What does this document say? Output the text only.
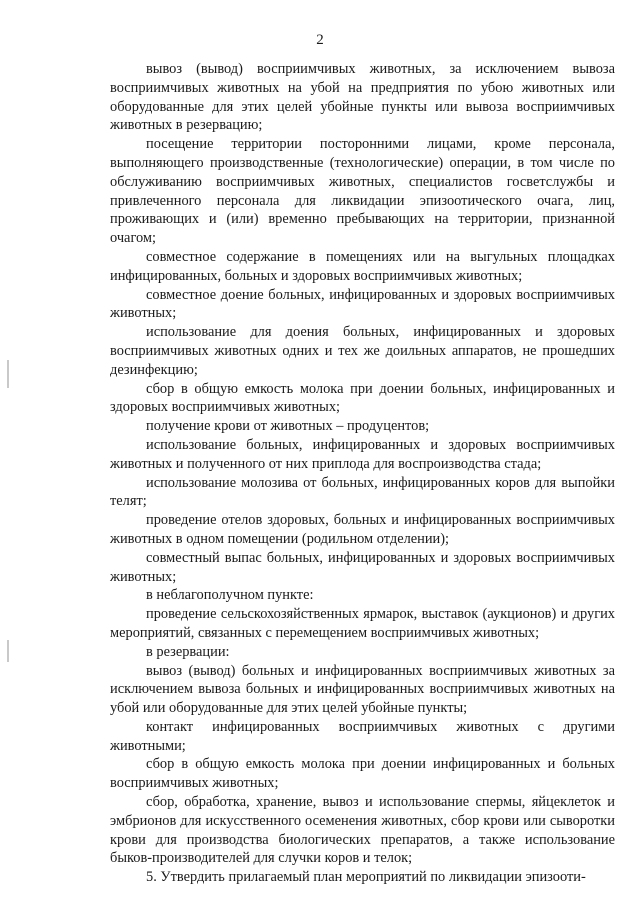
2

вывоз (вывод) восприимчивых животных, за исключением вывоза восприимчивых животных на убой на предприятия по убою животных или оборудованные для этих целей убойные пункты или вывоза восприимчивых животных в резервацию;

посещение территории посторонними лицами, кроме персонала, выполняющего производственные (технологические) операции, в том числе по обслуживанию восприимчивых животных, специалистов госветслужбы и привлеченного персонала для ликвидации эпизоотического очага, лиц, проживающих и (или) временно пребывающих на территории, признанной очагом;

совместное содержание в помещениях или на выгульных площадках инфицированных, больных и здоровых восприимчивых животных;

совместное доение больных, инфицированных и здоровых восприимчивых животных;

использование для доения больных, инфицированных и здоровых восприимчивых животных одних и тех же доильных аппаратов, не прошедших дезинфекцию;

сбор в общую емкость молока при доении больных, инфицированных и здоровых восприимчивых животных;

получение крови от животных – продуцентов;

использование больных, инфицированных и здоровых восприимчивых животных и полученного от них приплода для воспроизводства стада;

использование молозива от больных, инфицированных коров для выпойки телят;

проведение отелов здоровых, больных и инфицированных восприимчивых животных в одном помещении (родильном отделении);

совместный выпас больных, инфицированных и здоровых восприимчивых животных;

в неблагополучном пункте:

проведение сельскохозяйственных ярмарок, выставок (аукционов) и других мероприятий, связанных с перемещением восприимчивых животных;

в резервации:

вывоз (вывод) больных и инфицированных восприимчивых животных за исключением вывоза больных и инфицированных восприимчивых животных на убой или оборудованные для этих целей убойные пункты;

контакт инфицированных восприимчивых животных с другими животными;

сбор в общую емкость молока при доении инфицированных и больных восприимчивых животных;

сбор, обработка, хранение, вывоз и использование спермы, яйцеклеток и эмбрионов для искусственного осеменения животных, сбор крови или сыворотки крови для производства биологических препаратов, а также использование быков-производителей для случки коров и телок;

5. Утвердить прилагаемый план мероприятий по ликвидации эпизооти-
